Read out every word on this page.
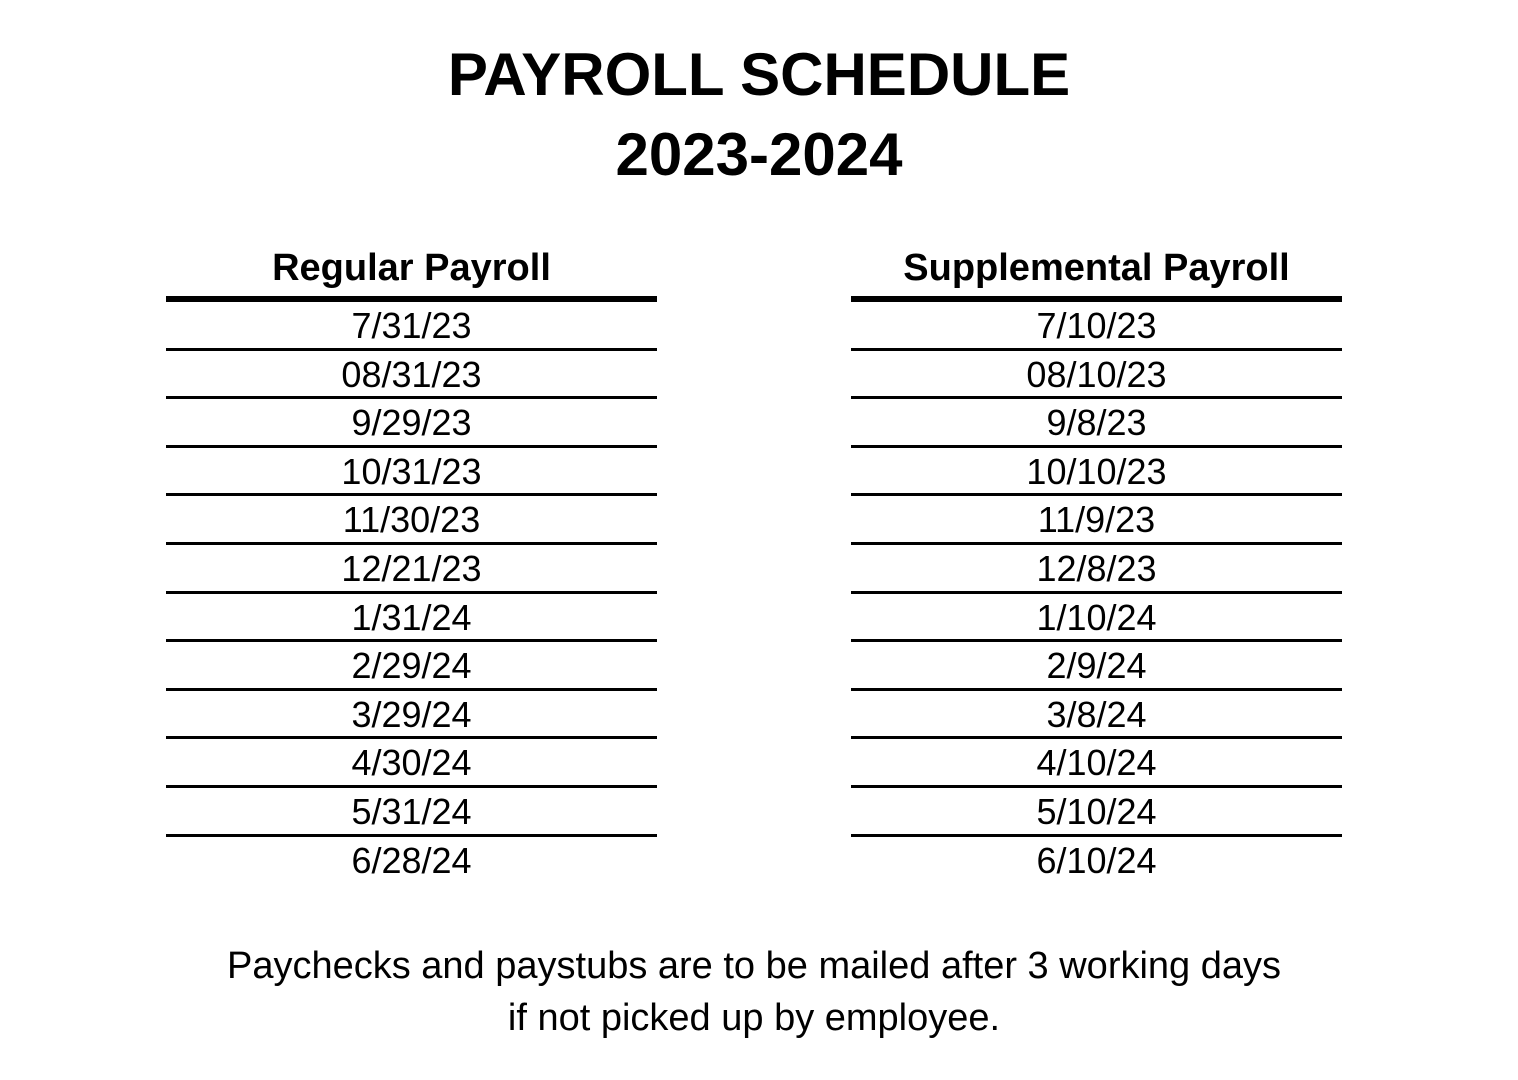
PAYROLL SCHEDULE
2023-2024
Regular Payroll
7/31/23
08/31/23
9/29/23
10/31/23
11/30/23
12/21/23
1/31/24
2/29/24
3/29/24
4/30/24
5/31/24
6/28/24
Supplemental Payroll
7/10/23
08/10/23
9/8/23
10/10/23
11/9/23
12/8/23
1/10/24
2/9/24
3/8/24
4/10/24
5/10/24
6/10/24
Paychecks and paystubs are to be mailed after 3 working days
if not picked up by employee.
